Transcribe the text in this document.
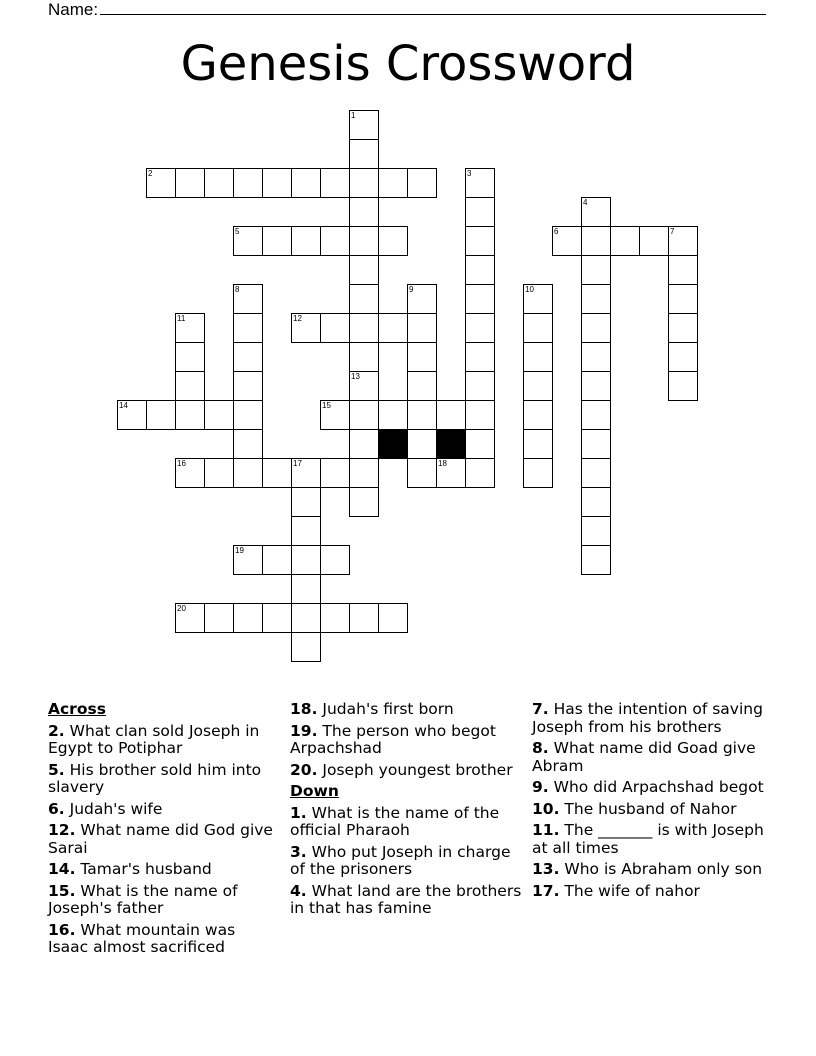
Name:
Genesis Crossword
2
1
13
3
4
5	6	7
8	9	10
11	12
14	15
16	17	18
19
20
Across
2. What clan sold Joseph in Egypt to Potiphar
5. His brother sold him into slavery
6. Judah's wife
12. What name did God give Sarai
14. Tamar's husband
15. What is the name of Joseph's father
16. What mountain was Isaac almost sacrificed
18. Judah's first born
19. The person who begot Arpachshad
20. Joseph youngest brother
Down
1. What is the name of the official Pharaoh
3. Who put Joseph in charge of the prisoners
4. What land are the brothers in that has famine
7. Has the intention of saving Joseph from his brothers
8. What name did Goad give Abram
9. Who did Arpachshad begot
10. The husband of Nahor
11. The _______ is with Joseph at all times
13. Who is Abraham only son
17. The wife of nahor
